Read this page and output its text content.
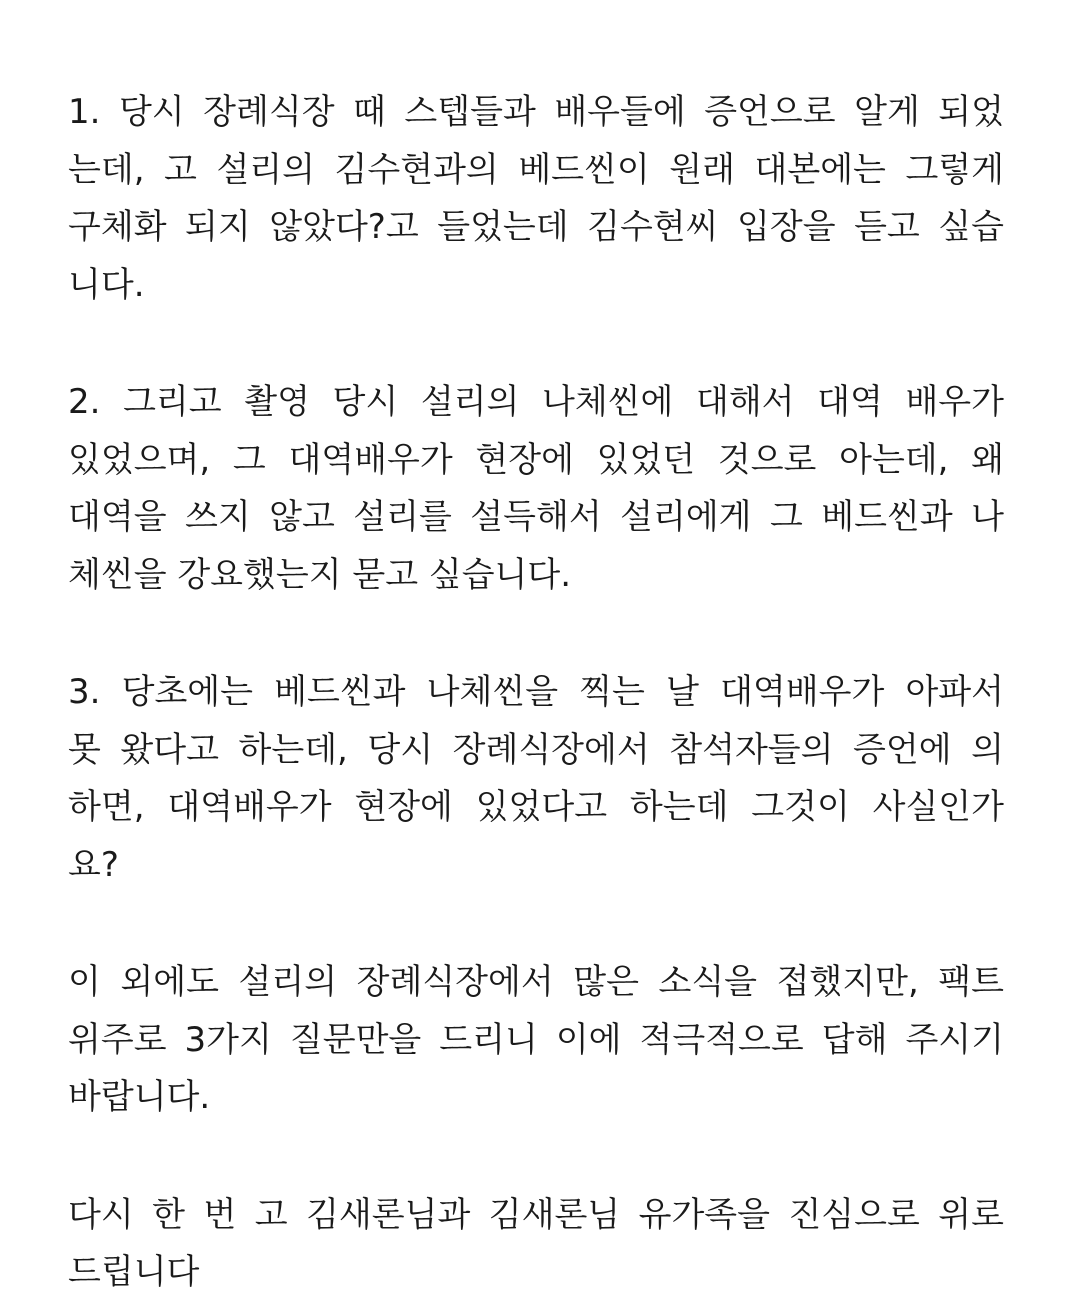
1. 당시 장례식장 때 스텝들과 배우들에 증언으로 알게 되었
는데, 고 설리의 김수현과의 베드씬이 원래 대본에는 그렇게
구체화 되지 않았다?고 들었는데 김수현씨 입장을 듣고 싶습
니다.
2. 그리고 촬영 당시 설리의 나체씬에 대해서 대역 배우가
있었으며, 그 대역배우가 현장에 있었던 것으로 아는데, 왜
대역을 쓰지 않고 설리를 설득해서 설리에게 그 베드씬과 나
체씬을 강요했는지 묻고 싶습니다.
3. 당초에는 베드씬과 나체씬을 찍는 날 대역배우가 아파서
못 왔다고 하는데, 당시 장례식장에서 참석자들의 증언에 의
하면, 대역배우가 현장에 있었다고 하는데 그것이 사실인가
요?
이 외에도 설리의 장례식장에서 많은 소식을 접했지만, 팩트
위주로 3가지 질문만을 드리니 이에 적극적으로 답해 주시기
바랍니다.
다시 한 번 고 김새론님과 김새론님 유가족을 진심으로 위로
드립니다
